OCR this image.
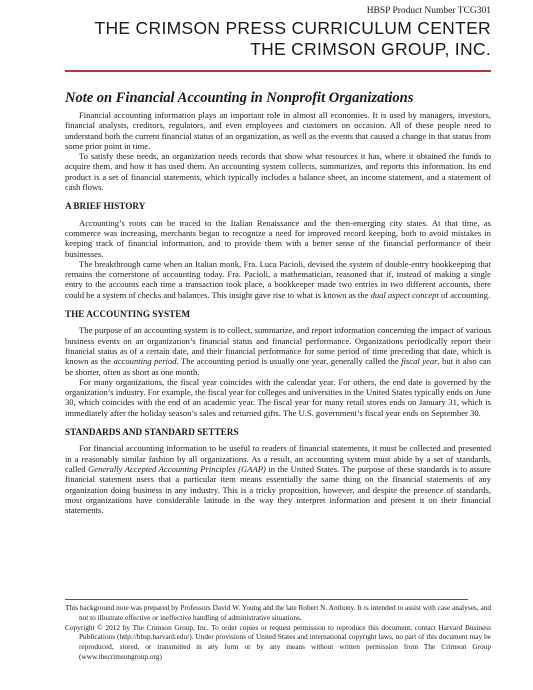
HBSP Product Number TCG301
THE CRIMSON PRESS CURRICULUM CENTER
THE CRIMSON GROUP, INC.
Note on Financial Accounting in Nonprofit Organizations

Financial accounting information plays an important role in almost all economies. It is used by managers, investors, financial analysts, creditors, regulators, and even employees and customers on occasion. All of these people need to understand both the current financial status of an organization, as well as the events that caused a change in that status from some prior point in time.

To satisfy these needs, an organization needs records that show what resources it has, where it obtained the funds to acquire them, and how it has used them. An accounting system collects, summarizes, and reports this information. Its end product is a set of financial statements, which typically includes a balance sheet, an income statement, and a statement of cash flows.

A BRIEF HISTORY

Accounting’s roots can be traced to the Italian Renaissance and the then-emerging city states. At that time, as commerce was increasing, merchants began to recognize a need for improved record keeping, both to avoid mistakes in keeping track of financial information, and to provide them with a better sense of the financial performance of their businesses.

The breakthrough came when an Italian monk, Fra. Luca Pacioli, devised the system of double-entry bookkeeping that remains the cornerstone of accounting today. Fra. Pacioli, a mathematician, reasoned that if, instead of making a single entry to the accounts each time a transaction took place, a bookkeeper made two entries in two different accounts, there could be a system of checks and balances. This insight gave rise to what is known as the dual aspect concept of accounting.

THE ACCOUNTING SYSTEM

The purpose of an accounting system is to collect, summarize, and report information concerning the impact of various business events on an organization’s financial status and financial performance. Organizations periodically report their financial status as of a certain date, and their financial performance for some period of time preceding that date, which is known as the accounting period. The accounting period is usually one year, generally called the fiscal year, but it also can be shorter, often as short as one month.

For many organizations, the fiscal year coincides with the calendar year. For others, the end date is governed by the organization’s industry. For example, the fiscal year for colleges and universities in the United States typically ends on June 30, which coincides with the end of an academic year. The fiscal year for many retail stores ends on January 31, which is immediately after the holiday season’s sales and returned gifts. The U.S. government’s fiscal year ends on September 30.

STANDARDS AND STANDARD SETTERS

For financial accounting information to be useful to readers of financial statements, it must be collected and presented in a reasonably similar fashion by all organizations. As a result, an accounting system must abide by a set of standards, called Generally Accepted Accounting Principles (GAAP) in the United States. The purpose of these standards is to assure financial statement users that a particular item means essentially the same thing on the financial statements of any organization doing business in any industry. This is a tricky proposition, however, and despite the presence of standards, most organizations have considerable latitude in the way they interpret information and present it on their financial statements.

This background note was prepared by Professors David W. Young and the late Robert N. Anthony. It is intended to assist with case analyses, and not to illustrate effective or ineffective handling of administrative situations.

Copyright © 2012 by The Crimson Group, Inc. To order copies or request permission to reproduce this document, contact Harvard Business Publications (http://hbsp.harvard.edu/). Under provisions of United States and international copyright laws, no part of this document may be reproduced, stored, or transmitted in any form or by any means without written permission from The Crimson Group (www.thecrimsongroup.org)
